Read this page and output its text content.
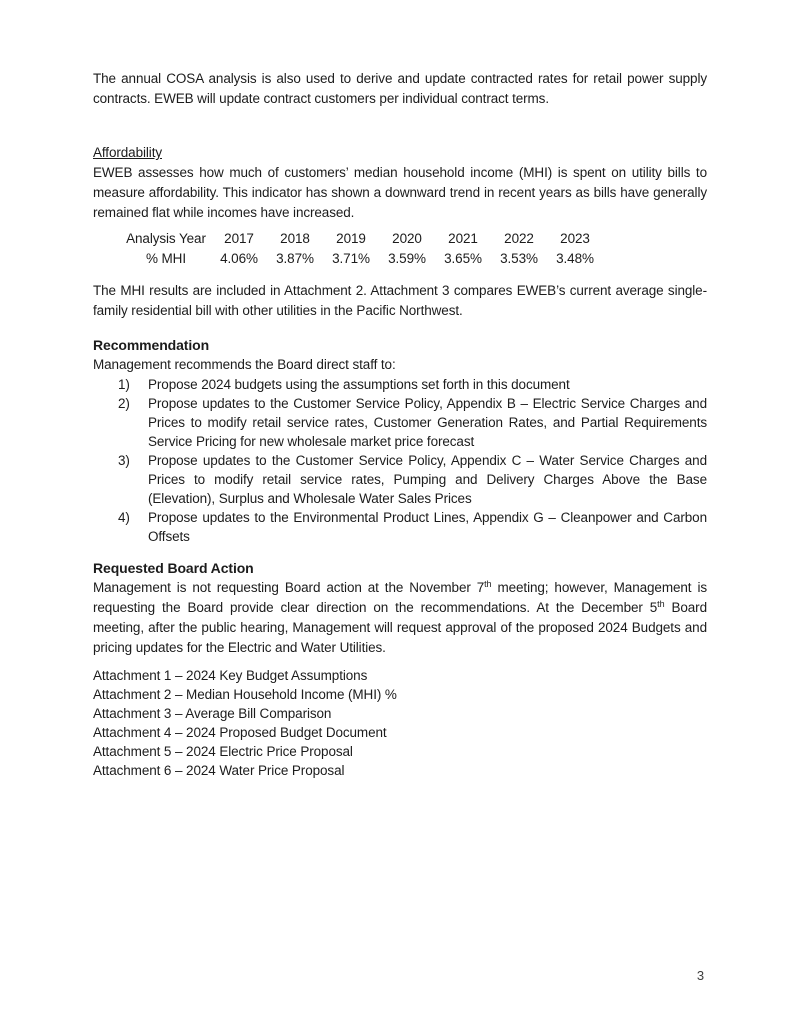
The annual COSA analysis is also used to derive and update contracted rates for retail power supply contracts. EWEB will update contract customers per individual contract terms.

Affordability

EWEB assesses how much of customers’ median household income (MHI) is spent on utility bills to measure affordability. This indicator has shown a downward trend in recent years as bills have generally remained flat while incomes have increased.

Analysis Year	2017	2018	2019	2020	2021	2022	2023
% MHI	4.06%	3.87%	3.71%	3.59%	3.65%	3.53%	3.48%

The MHI results are included in Attachment 2. Attachment 3 compares EWEB’s current average single-family residential bill with other utilities in the Pacific Northwest.

Recommendation

Management recommends the Board direct staff to:

1) Propose 2024 budgets using the assumptions set forth in this document
2) Propose updates to the Customer Service Policy, Appendix B – Electric Service Charges and Prices to modify retail service rates, Customer Generation Rates, and Partial Requirements Service Pricing for new wholesale market price forecast
3) Propose updates to the Customer Service Policy, Appendix C – Water Service Charges and Prices to modify retail service rates, Pumping and Delivery Charges Above the Base (Elevation), Surplus and Wholesale Water Sales Prices
4) Propose updates to the Environmental Product Lines, Appendix G – Cleanpower and Carbon Offsets
Requested Board Action

Management is not requesting Board action at the November 7th meeting; however, Management is requesting the Board provide clear direction on the recommendations. At the December 5th Board meeting, after the public hearing, Management will request approval of the proposed 2024 Budgets and pricing updates for the Electric and Water Utilities.

Attachment 1 – 2024 Key Budget Assumptions
Attachment 2 – Median Household Income (MHI) %
Attachment 3 – Average Bill Comparison
Attachment 4 – 2024 Proposed Budget Document
Attachment 5 – 2024 Electric Price Proposal
Attachment 6 – 2024 Water Price Proposal
3
